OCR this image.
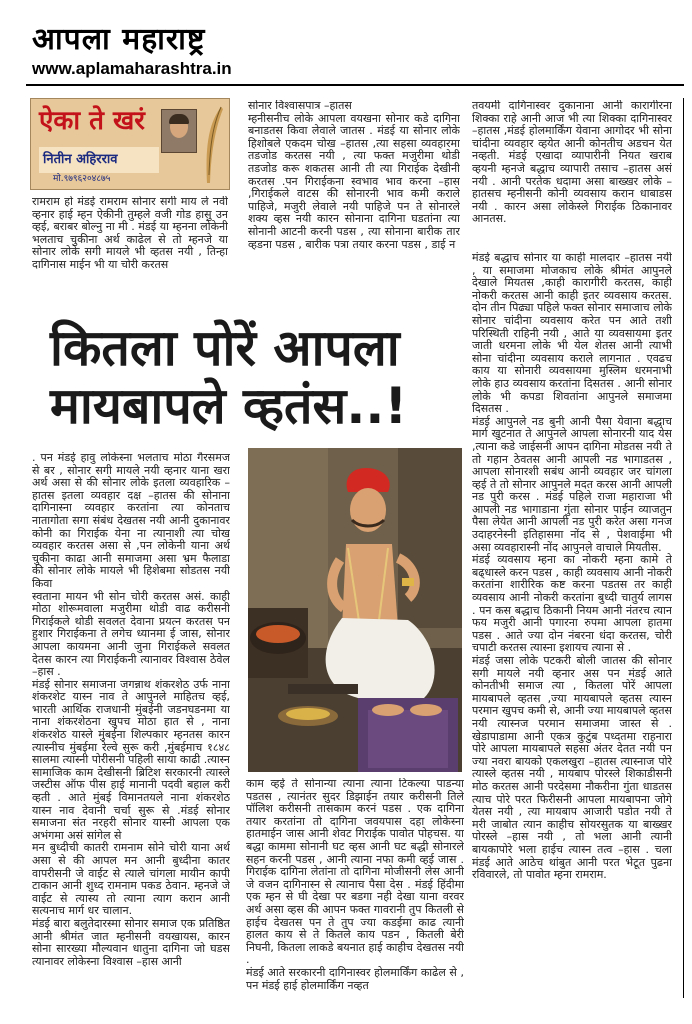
आपला महाराष्ट्र
www.aplamaharashtra.in
ऐका ते खरं
नितीन अहिरराव
मो.९७९६२०४८७५
रामराम हो मंडई रामराम सोनार सगी माय ले नवी व्हनार हाई म्हन ऐकीनी तुम्हले वजी गोड हासु उन व्हई, बराबर बोल्नु ना मी . मंडई या म्हनना लोकेनी भलताच चुकीना अर्थ काढेल से तो म्हनजे या सोनार लोके सगी मायले भी व्हतस नयी , तिन्हा दागिनास माईन भी या चोरी करतस
सोनार विश्वासपात्र –हातस
म्हनीसनीच लोके आपला वयखना सोनार कडे दागिना बनाडतस किवा लेवाले जातस . मंडई या सोनार लोके हिशोबले एकदम चोख –हातस ,त्या सहसा व्यवहारमा तडजोड करतस नयी , त्या फक्त मजुरीमा थोडी तडजोड करू शकतस आनी ती त्या गिराईक देखीनी करतस .पन गिराईकना स्वभाव भाव करना –हास ,गिराईकले वाटस की सोनारनी भाव कमी कराले पाहिजे, मजुरी लेवाले नयी पाहिजे पन ते सोनारले शक्य व्हस नयी कारन सोनाना दागिना घडतांना त्या सोनानी आटनी करनी पडस , त्या सोनाना बारीक तार व्हडना पडस , बारीक पत्रा तयार करना पडस , डाई न
तवयमी दागिनास्वर दुकानाना आनी कारागीरना शिक्का राहे आनी आज भी त्या शिक्का दागिनास्वर –हातस ,मंडई होलमार्किंग येवाना आगोदर भी सोना चांदीना व्यवहार व्हयेत आनी कोनतीच अडचन येत नव्हती. मंडई एखादा व्यापारीनी नियत खराब व्हयनी म्हनजे बद्धाच व्यापारी तसाच –हातस असं नयी . आनी परतेक धदामा असा बाख्खर लोके –हातसच म्हनीसनी कोनी व्यवसाय करान धाबाडस नयी . कारन असा लोकेस्ले गिराईक ठिकानावर आनतस.
कितला पोरें आपला
मायबापले व्हतंस..!
. पन मंडई हावु लोकेस्ना भलताच मोठा गैरसमज से बर , सोनार सगी मायले नयी व्हनार याना खरा अर्थ असा से की सोनार लोके इतला व्यवहारिक –हातस इतला व्यवहार दक्ष –हातस की सोनाना दागिनास्ना व्यवहार करतांना त्या कोनताच नातागोता सगा संबंध देखतस नयी आनी दुकानावर कोनी का गिराईक येना ना त्यानाशी त्या चोख व्यवहार करतस असा से ,पन लोकेनी याना अर्थ चुकीना काढा आनी समाजमा असा भ्रम फैलाडा की सोनार लोके मायले भी हिशेबमा सोडतस नयी किवा
स्वताना मायन भी सोन चोरी करतस असं. काही मोठा शोरूमवाला मजुरीमा थोडी वाढ करीसनी गिराईकले थोडी सवलत देवाना प्रयत्न करतस पन हुशार गिराईकना ते लगेच ध्यानमा ई जास, सोनार आपला कायमना आनी जुना गिराईकले सवलत देतस कारन त्या गिराईकनी त्यानावर विश्वास ठेवेल –हास .
मंडई सोनार समाजना जगन्नाथ शंकरशेठ उर्फ नाना शंकरशेट यास्न नाव ते आपुनले माहितच व्हई, भारती आर्थिक राजधानी मुंबईनी जडनघडनमा या नाना शंकरशेठना खुपच मोठा हात से , नाना शंकरशेठ यास्ले मुंबईना शिल्पकार म्हनतस कारन त्यास्नीच मुंबईमा रेल्वे सुरू करी ,मुंबईमाच १८४८ सालमा त्यास्नी पोरीसनी पहिली साया काढी .त्यास्न सामाजिक काम देखीसनी ब्रिटिश सरकारनी त्यास्ले जस्टीस ऑफ पीस हाई मानानी पदवी बहाल करी व्हती . आते मुंबई विमानतयले नाना शंकरशेठ यास्न नाव देवानी चर्चा सुरू से .मंडई सोनार समाजना संत नरहरी सोनार यास्नी आपला एक अभंगमा असं सांगेल से
मन बुध्दीची कातरी रामनाम सोने चोरी याना अर्थ असा से की आपल मन आनी बुध्दीना कातर वापरीसनी जे वाईट से त्याले चांगला मायीन कापी टाकान आनी शुध्द रामनाम पकड ठेवान. म्हनजे जे वाईट से त्यास्य तो त्याना त्याग करान आनी सत्यनाच मार्ग धर चालान.
मंडई बारा बलुतेदारस्मा सोनार समाज एक प्रतिष्ठित आनी श्रीमंत जात म्हनीसनी वयखायस, कारन सोना सारख्या मौल्यवान धातुना दागिना जो घडस त्यानावर लोकेस्ना विश्वास –हास आनी
काम व्हई ते सोनान्या त्याना त्याना टिकल्या पाडन्या पडतस , त्यानंतर सुदर डिझाईन तयार करीसनी तिले पॉलिश करीसनी तासकाम करनं पडस . एक दागिना तयार करतांना तो दागिना जवयपास दहा लोकेस्ना हातमाईन जास आनी शेवट गिराईक पावोत पोहचस. या बद्धा काममा सोनानी घट व्हस आनी घट बद्धी सोनारले सहन करनी पडस , आनी त्याना नफा कमी व्हई जास . गिराईक दागिना लेतांना तो दागिना मोजीसनी लेस आनी जे वजन दागिनास्न से त्यानाच पैसा देस . मंडई हिंदीमा एक म्हन से घी देखा पर बडगा नही देखा याना वरवर अर्थ असा व्हस की आपन फक्त गावरानी तुप कितली से हाईच देखतस पन ते तुप ज्या कडईमा काढ त्यानी हालत काय से ते कितले काय पडन , कितली बेरी निघनी, कितला लाकडे बयनात हाई काहीच देखतस नयी .
मंडई आते सरकारनी दागिनास्वर होलमार्किंग काढेल से , पन मंडई हाई होलमार्किंग नव्हत
मंडई बद्धाच सोनार या काही मालदार –हातस नयी , या समाजमा मोजकाच लोके श्रीमंत आपुनले देखाले मियतस ,काही कारागीरी करतस, काही नोकरी करतस आनी काही इतर व्यवसाय करतस. दोन तीन पिढ्या पहिले फक्त सोनार समाजाच लोके सोनार चांदीना व्यवसाय करेत पन आते तशी परिस्थिती राहिनी नयी , आते या व्यवसायमा इतर जाती धरमना लोके भी येल शेतस आनी त्याभी सोना चांदीना व्यवसाय कराले लागनात . एवढच काय या सोनारी व्यवसायमा मुस्लिम धरमनाभी लोके हाउ व्यवसाय करतांना दिसतस . आनी सोनार लोके भी कपडा शिवतांना आपुनले समाजमा दिसतस .
मंडई आपुनले नड बुनी आनी पैसा येवाना बद्धाच मार्ग खुटनात ते आपुनले आपला सोनारनी याद येस ,त्याना कडे जाईसनी आपन दागिना मोडतस नयी ते तो गहान ठेवतस आनी आपली नड भागाडतस , आपला सोनारशी सबंध आनी व्यवहार जर चांगला व्हई ते तो सोनार आपुनले मदत करस आनी आपली नड पुरी करस . मंडई पहिले राजा महाराजा भी आपली नड भागाडाना गुंता सोनार पाईन व्याजतुन पैसा लेयेत आनी आपली नड पुरी करेत असा गनज उदाहरनेस्नी इतिहासमा नोंद से , पेशवाईमा भी असा व्यवहारास्नी नोंद आपुनले वाचाले मियतीस.
मंडई व्यवसाय म्हना का नोकरी म्हना कामे ते बढ्धास्ले करन पडस , काही व्यवसाय आनी नोकरी करतांना शारीरिक कष्ट करना पडतस तर काही व्यवसाय आनी नोकरी करतांना बुध्दी चातुर्य लागस . पन कस बद्धाच ठिकानी नियम आनी नंतरच त्यान फय मजुरी आनी पगारना रुपमा आपला हातमा पडस . आते ज्या दोन नंबरना धंदा करतस, चोरी चपाटी करतस त्यास्ना इशायच त्याना से .
मंडई जसा लोके पटकरी बोली जातस की सोनार सगी मायले नयी व्हनार अस पन मंडई आते कोनतीभी समाज त्या , कितला पोरें आपला मायबापले व्हतस ,ज्या मायबापले व्हतस त्यास्न परमान खुपच कमी से, आनी ज्या मायबापले व्हतस नयी त्यास्नज परमान समाजमा जास्त से . खेडापाडामा आनी एकत्र कुटुंब पध्दतमा राहनारा पोरे आपला मायबापले सहसा अंतर देतत नयी पन ज्या नवरा बायको एकलखुरा –हातस त्यास्नाज पोरे त्यास्ले व्हतस नयी , मायबाप पोरस्ले शिकाडीसनी मोठ करतस आनी परदेसमा नौकरीना गुंता धाडतस त्याच पोरे परत फिरीसनी आपला मायबापना जोगे येतस नयी , त्या मायबाप आजारी पडोत नयी ते मरी जाबोत त्यान काहीच सोयरसुतक या बाख्खर पोरस्ले –हास नयी , तो भला आनी त्यानी बायकापोरे भला हाईच त्यास्न तत्व –हास . चला मंडई आते आठेच थांबुत आनी परत भेटूत पुढना रविवारले, तो पावोत म्हना रामराम.
